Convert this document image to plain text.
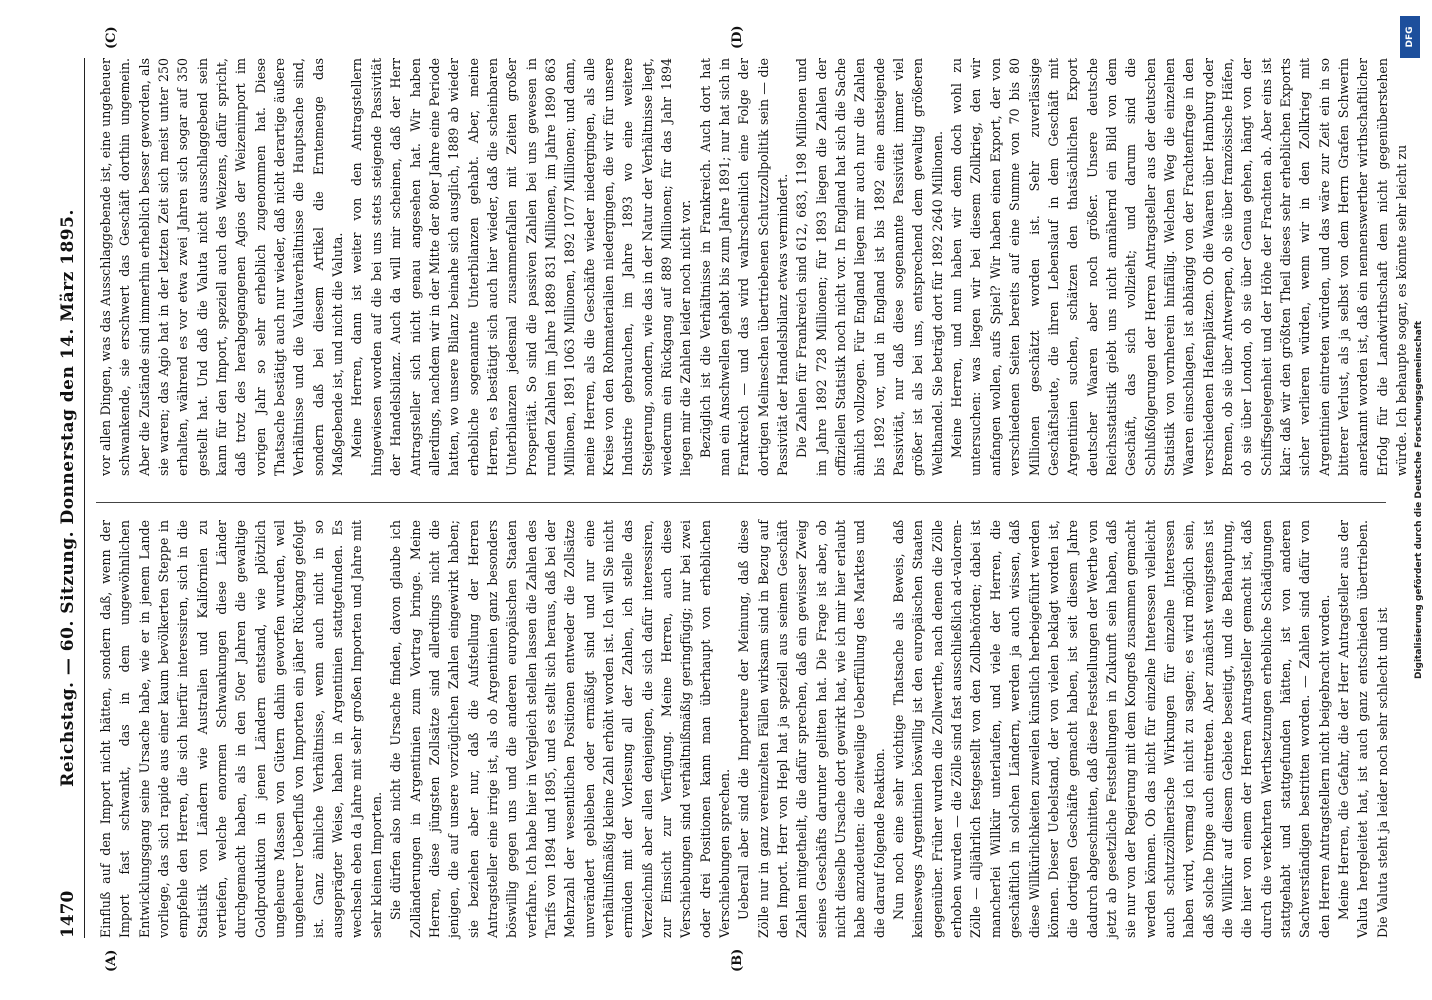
1470
Reichstag. — 60. Sitzung. Donnerstag den 14. März 1895.
(A)	(B)
(C)	(D)

Einfluß auf den Import nicht hätten, sondern daß, wenn der Import fast schwankt, das in dem ungewöhnlichen Entwicklungsgang seine Ursache habe, wie er in jenem Lande vorliege, das sich rapide aus einer kaum bevölkerten Steppe in empfehle den Herren, die sich hierfür interessiren, sich in die Statistik von Ländern wie Australien und Kalifornien zu vertiefen, welche enormen Schwankungen diese Länder durchgemacht haben, als in den 50er Jahren die gewaltige Goldproduktion in jenen Ländern entstand, wie plötzlich ungeheure Massen von Gütern dahin geworfen wurden, weil ungeheurer Ueberfluß von Importen ein jäher Rückgang gefolgt ist. Ganz ähnliche Verhältnisse, wenn auch nicht in so ausgeprägter Weise, haben in Argentinien stattgefunden. Es wechseln eben da Jahre mit sehr großen Importen und Jahre mit sehr kleinen Importen. Sie dürfen also nicht die Ursache finden, davon glaube ich Zolländerungen in Argentinien zum Vortrag bringe. Meine Herren, diese jüngsten Zollsätze sind allerdings nicht die jenigen, die auf unsere vorzüglichen Zahlen eingewirkt haben; sie beziehen aber nur, daß die Aufstellung der Herren Antragsteller eine irrige ist, als ob Argentinien ganz besonders böswillig gegen uns und die anderen europäischen Staaten verfahre. Ich habe hier in Vergleich stellen lassen die Zahlen des Tarifs von 1894 und 1895, und es stellt sich heraus, daß bei der Mehrzahl der wesentlichen Positionen entweder die Zollsätze unverändert geblieben oder ermäßigt sind und nur eine verhältnißmäßig kleine Zahl erhöht worden ist. Ich will Sie nicht ermüden mit der Vorlesung all der Zahlen, ich stelle das Verzeichniß aber allen denjenigen, die sich dafür interessiren, zur Einsicht zur Verfügung. Meine Herren, auch diese Verschiebungen sind verhältnißmäßig geringfügig; nur bei zwei oder drei Positionen kann man überhaupt von erheblichen Verschiebungen sprechen. Ueberall aber sind die Importeure der Meinung, daß diese Zölle nur in ganz vereinzelten Fällen wirksam sind in Bezug auf den Import. Herr von Hepl hat ja speziell aus seinem Geschäft Zahlen mitgetheilt, die dafür sprechen, daß ein gewisser Zweig seines Geschäfts darunter gelitten hat. Die Frage ist aber, ob nicht dieselbe Ursache dort gewirkt hat, wie ich mir hier erlaubt habe anzudeuten: die zeitweilige Ueberfüllung des Marktes und die darauf folgende Reaktion. Nun noch eine sehr wichtige Thatsache als Beweis, daß keineswegs Argentinien böswillig ist den europäischen Staaten gegenüber. Früher wurden die Zollwerthe, nach denen die Zölle erhoben wurden — die Zölle sind fast ausschließlich ad-valorem-Zölle — alljährlich festgestellt von den Zollbehörden; dabei ist mancherlei Willkür unterlaufen, und viele der Herren, die geschäftlich in solchen Ländern, werden ja auch wissen, daß diese Willkürlichkeiten zuweilen künstlich herbeigeführt werden können. Dieser Uebelstand, der von vielen beklagt worden ist, die dortigen Geschäfte gemacht haben, ist seit diesem Jahre dadurch abgeschnitten, daß diese Feststellungen der Werthe von jetzt ab gesetzliche Feststellungen in Zukunft sein haben, daß sie nur von der Regierung mit dem Kongreß zusammen gemacht werden können. Ob das nicht für einzelne Interessen vielleicht auch schutzzöllnerische Wirkungen für einzelne Interessen haben wird, vermag ich nicht zu sagen; es wird möglich sein, daß solche Dinge auch eintreten. Aber zunächst wenigstens ist die Willkür auf diesem Gebiete beseitigt, und die Behauptung, die hier von einem der Herren Antragsteller gemacht ist, daß durch die verkehrten Werthsetzungen erhebliche Schädigungen stattgehabt und stattgefunden hätten, ist von anderen Sachverständigen bestritten worden. — Zahlen sind dafür von den Herren Antragstellern nicht beigebracht worden. Meine Herren, die Gefahr, die der Herr Antragsteller aus der Valuta hergeleitet hat, ist auch ganz entschieden übertrieben. Die Valuta steht ja leider noch sehr schlecht und ist

vor allen Dingen, was das Ausschlaggebende ist, eine ungeheuer schwankende, sie erschwert das Geschäft dorthin ungemein. Aber die Zustände sind immerhin erheblich besser geworden, als sie waren; das Agio hat in der letzten Zeit sich meist unter 250 erhalten, während es vor etwa zwei Jahren sich sogar auf 350 gestellt hat. Und daß die Valuta nicht ausschlaggebend sein kann für den Import, speziell auch des Weizens, dafür spricht, daß trotz des herabgegangenen Agios der Weizenimport im vorigen Jahr so sehr erheblich zugenommen hat. Diese Thatsache bestätigt auch nur wieder, daß nicht derartige äußere Verhältnisse und die Valutaverhältnisse die Hauptsache sind, sondern daß bei diesem Artikel die Erntemenge das Maßgebende ist, und nicht die Valuta. Meine Herren, dann ist weiter von den Antragstellern hingewiesen worden auf die bei uns stets steigende Passivität der Handelsbilanz. Auch da will mir scheinen, daß der Herr Antragsteller sich nicht genau angesehen hat. Wir haben allerdings, nachdem wir in der Mitte der 80er Jahre eine Periode hatten, wo unsere Bilanz beinahe sich ausglich, 1889 ab wieder erhebliche sogenannte Unterbilanzen gehabt. Aber, meine Herren, es bestätigt sich auch hier wieder, daß die scheinbaren Unterbilanzen jedesmal zusammenfallen mit Zeiten großer Prosperität. So sind die passiven Zahlen bei uns gewesen in runden Zahlen im Jahre 1889 831 Millionen, im Jahre 1890 863 Millionen, 1891 1063 Millionen, 1892 1077 Millionen; und dann, meine Herren, als die Geschäfte wieder niedergingen, als alle Kreise von den Rohmaterialien niedergingen, die wir für unsere Industrie gebrauchen, im Jahre 1893 wo eine weitere Steigerung, sondern, wie das in der Natur der Verhältnisse liegt, wiederum ein Rückgang auf 889 Millionen; für das Jahr 1894 liegen mir die Zahlen leider noch nicht vor. Bezüglich ist die Verhältnisse in Frankreich. Auch dort hat man ein Anschwellen gehabt bis zum Jahre 1891; nur hat sich in Frankreich — und das wird wahrscheinlich eine Folge der dortigen Melineschen übertriebenen Schutzzollpolitik sein — die Passivität der Handelsbilanz etwas vermindert. Die Zahlen für Frankreich sind 612, 683, 1198 Millionen und im Jahre 1892 728 Millionen; für 1893 liegen die Zahlen der offiziellen Statistik noch nicht vor. In England hat sich die Sache ähnlich vollzogen. Für England liegen mir auch nur die Zahlen bis 1892 vor, und in England ist bis 1892 eine ansteigende Passivität, nur daß diese sogenannte Passivität immer viel größer ist als bei uns, entsprechend dem gewaltig größeren Welthandel. Sie beträgt dort für 1892 2640 Millionen. Meine Herren, und nun haben wir denn doch wohl zu untersuchen: was liegen wir bei diesem Zollkrieg, den wir anfangen wollen, aufs Spiel? Wir haben einen Export, der von verschiedenen Seiten bereits auf eine Summe von 70 bis 80 Millionen geschätzt worden ist. Sehr zuverlässige Geschäftsleute, die ihren Lebenslauf in dem Geschäft mit Argentinien suchen, schätzen den thatsächlichen Export deutscher Waaren aber noch größer. Unsere deutsche Reichsstatistik giebt uns nicht annähernd ein Bild von dem Geschäft, das sich vollzieht; und darum sind die Schlußfolgerungen der Herren Antragsteller aus der deutschen Statistik von vornherein hinfällig. Welchen Weg die einzelnen Waaren einschlagen, ist abhängig von der Frachtenfrage in den verschiedenen Hafenplätzen. Ob die Waaren über Hamburg oder Bremen, ob sie über Antwerpen, ob sie über französische Häfen, ob sie über London, ob sie über Genua gehen, hängt von der Schiffsgelegenheit und der Höhe der Frachten ab. Aber eins ist klar: daß wir den größten Theil dieses sehr erheblichen Exports sicher verlieren würden, wenn wir in den Zollkrieg mit Argentinien eintreten würden, und das wäre zur Zeit ein in so bitterer Verlust, als ja selbst von dem Herrn Grafen Schwerin anerkannt worden ist, daß ein nennenswerther wirthschaftlicher Erfolg für die Landwirthschaft dem nicht gegenüberstehen würde. Ich behaupte sogar, es könnte sehr leicht zu

Digitalisierung gefördert durch die Deutsche Forschungsgemeinschaft
DFG
